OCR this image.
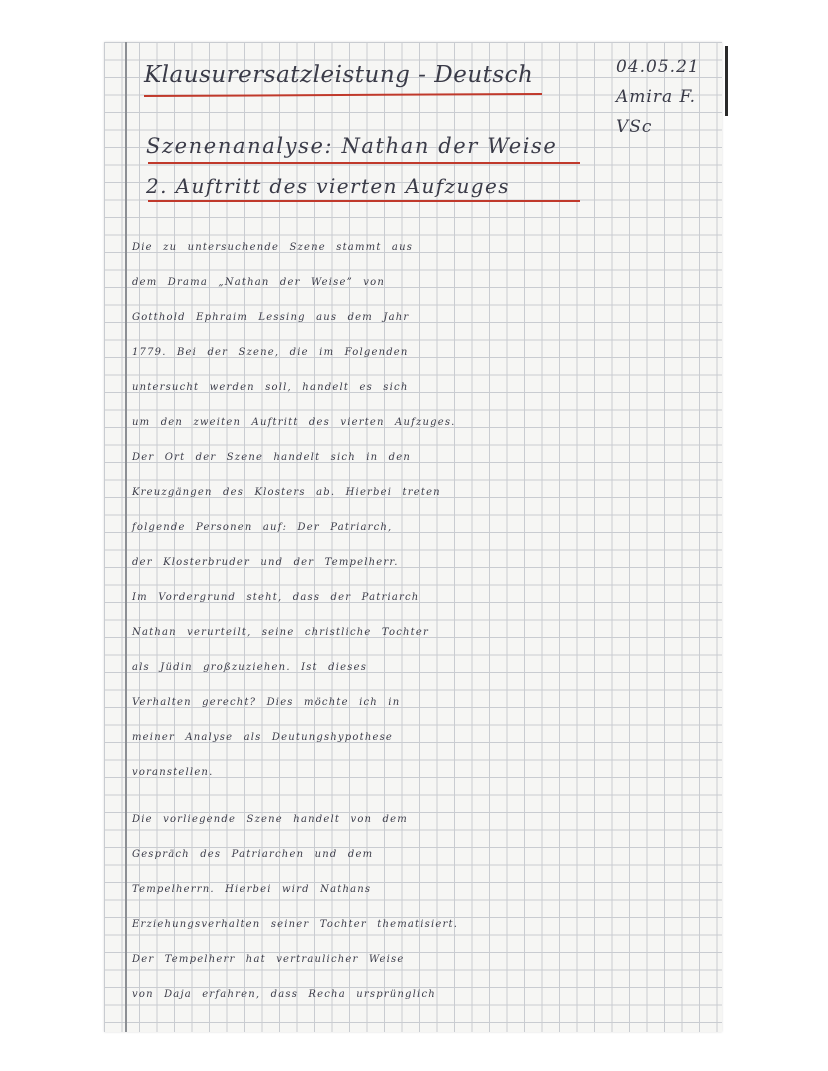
Klausurersatzleistung - Deutsch	04.05.21
Amira F.
VSc

Szenenanalyse: Nathan der Weise

2. Auftritt des vierten Aufzuges

Die zu untersuchende Szene stammt aus
dem Drama „Nathan der Weise” von
Gotthold Ephraim Lessing aus dem Jahr
1779. Bei der Szene, die im Folgenden
untersucht werden soll, handelt es sich
um den zweiten Auftritt des vierten Aufzuges.
Der Ort der Szene handelt sich in den
Kreuzgängen des Klosters ab. Hierbei treten
folgende Personen auf: Der Patriarch,
der Klosterbruder und der Tempelherr.
Im Vordergrund steht, dass der Patriarch
Nathan verurteilt, seine christliche Tochter
als Jüdin großzuziehen. Ist dieses
Verhalten gerecht? Dies möchte ich in
meiner Analyse als Deutungshypothese
voranstellen.
Die vorliegende Szene handelt von dem
Gespräch des Patriarchen und dem
Tempelherrn. Hierbei wird Nathans
Erziehungsverhalten seiner Tochter thematisiert.
Der Tempelherr hat vertraulicher Weise
von Daja erfahren, dass Recha ursprünglich
